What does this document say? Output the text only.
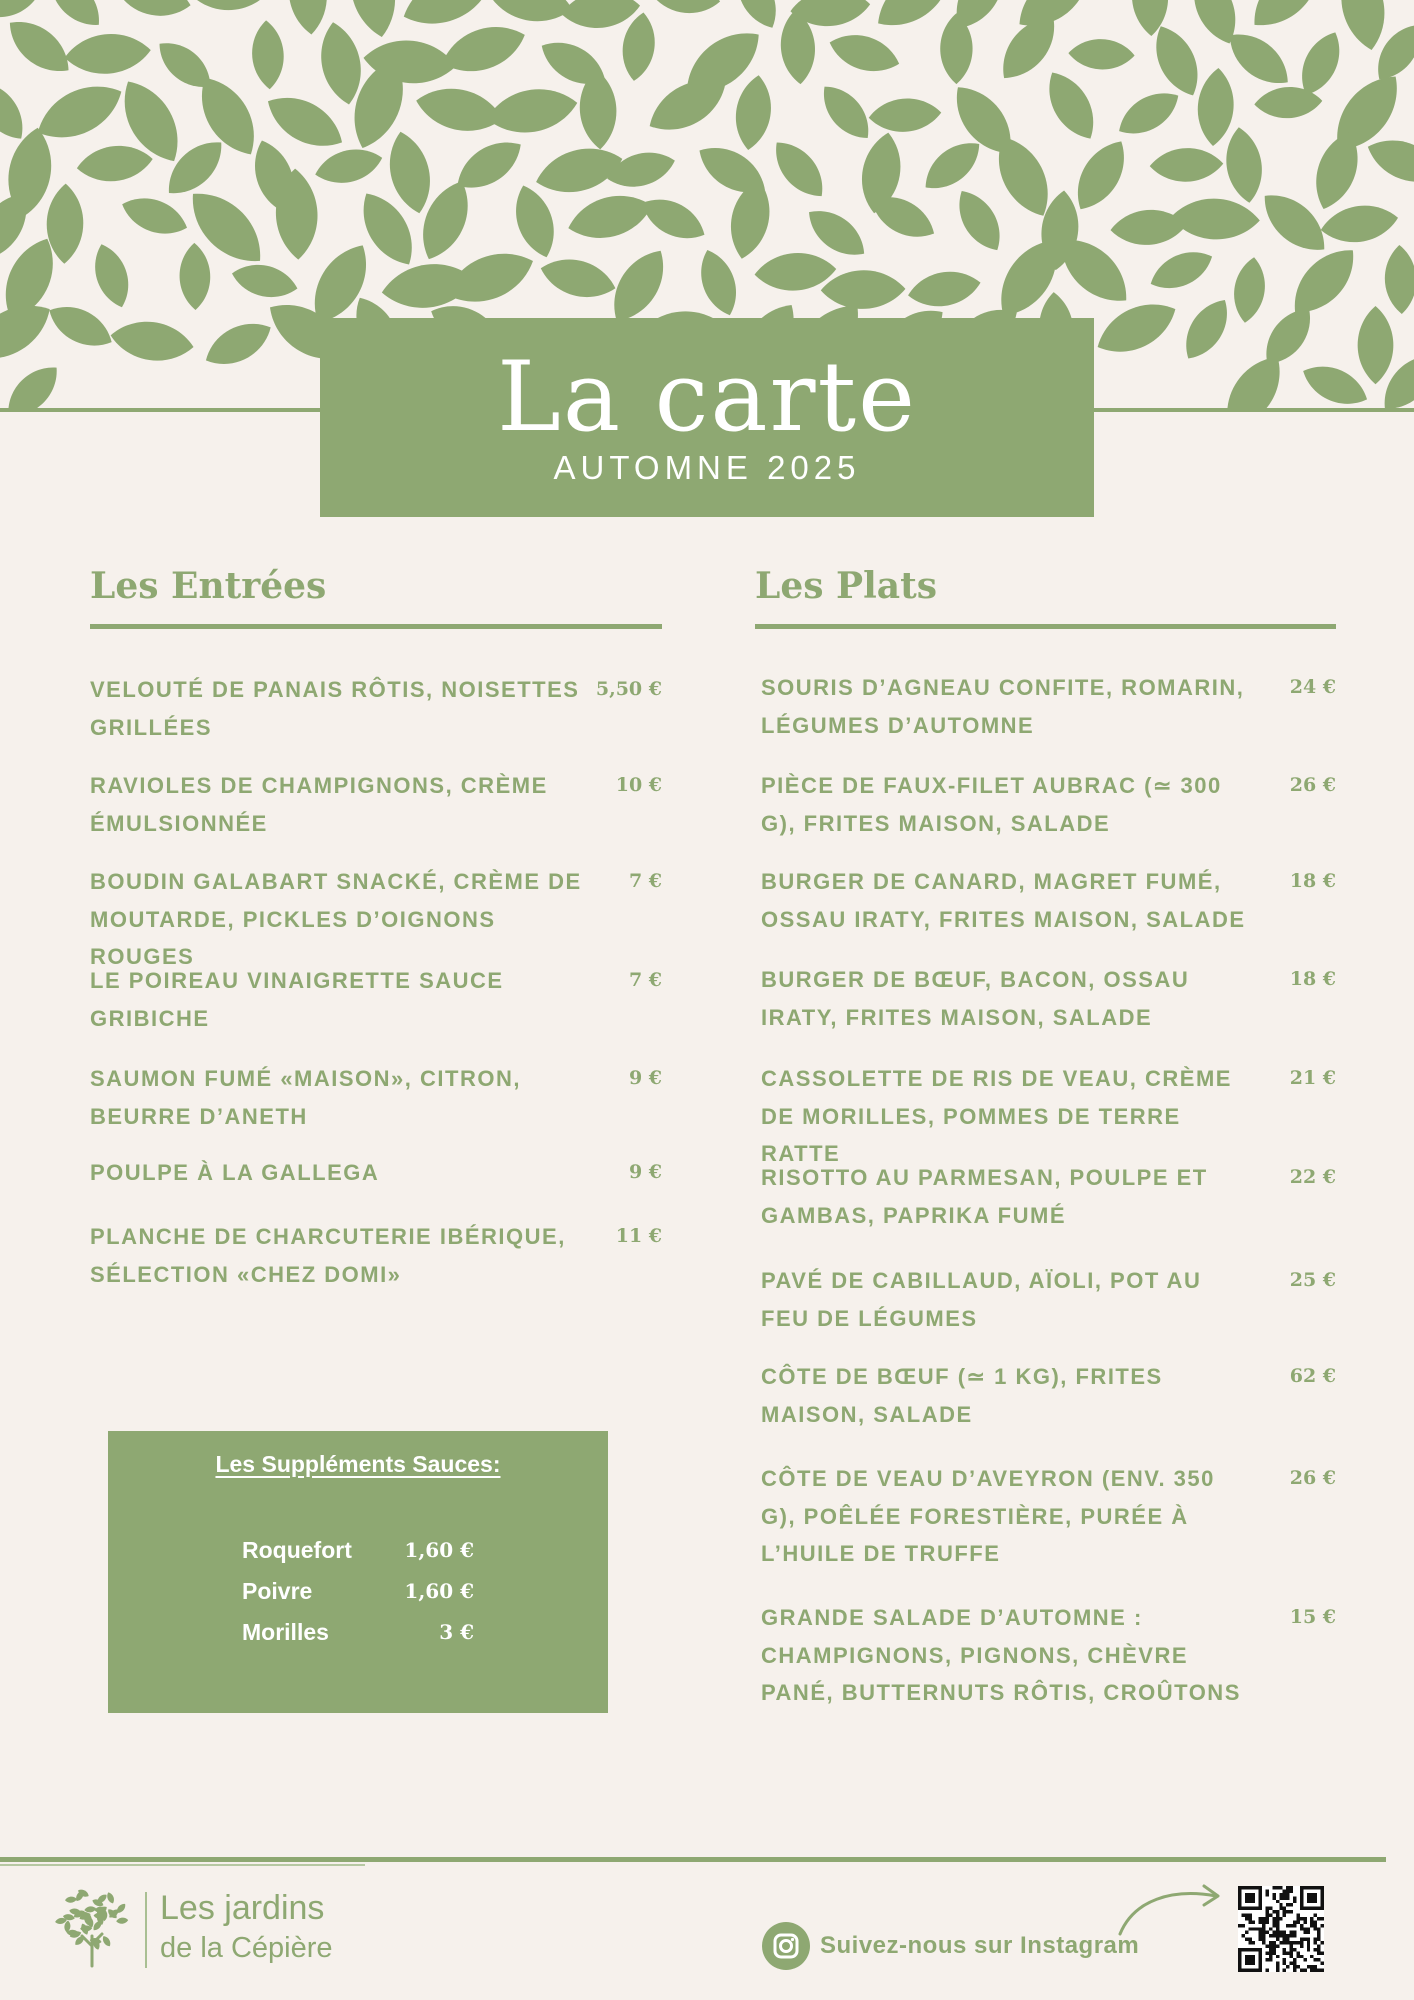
La carte
AUTOMNE 2025
Les Entrées
VELOUTÉ DE PANAIS RÔTIS, NOISETTES GRILLÉES
5,50 €
RAVIOLES DE CHAMPIGNONS, CRÈME ÉMULSIONNÉE
10 €
BOUDIN GALABART SNACKÉ, CRÈME DE MOUTARDE, PICKLES D’OIGNONS ROUGES
7 €
LE POIREAU VINAIGRETTE SAUCE GRIBICHE
7 €
SAUMON FUMÉ «MAISON», CITRON, BEURRE D’ANETH
9 €
POULPE À LA GALLEGA	9 €
PLANCHE DE CHARCUTERIE IBÉRIQUE, SÉLECTION «CHEZ DOMI»
11 €
Les Plats
SOURIS D’AGNEAU CONFITE, ROMARIN, LÉGUMES D’AUTOMNE
24 €
PIÈCE DE FAUX-FILET AUBRAC (≃ 300 G), FRITES MAISON, SALADE
26 €
BURGER DE CANARD, MAGRET FUMÉ, OSSAU IRATY, FRITES MAISON, SALADE
18 €
BURGER DE BŒUF, BACON, OSSAU IRATY, FRITES MAISON, SALADE
18 €
CASSOLETTE DE RIS DE VEAU, CRÈME DE MORILLES, POMMES DE TERRE RATTE
21 €
RISOTTO AU PARMESAN, POULPE ET GAMBAS, PAPRIKA FUMÉ
22 €
PAVÉ DE CABILLAUD, AÏOLI, POT AU FEU DE LÉGUMES
25 €
CÔTE DE BŒUF (≃ 1 KG), FRITES MAISON, SALADE
62 €
CÔTE DE VEAU D’AVEYRON (ENV. 350 G), POÊLÉE FORESTIÈRE, PURÉE À L’HUILE DE TRUFFE
26 €
GRANDE SALADE D’AUTOMNE : CHAMPIGNONS, PIGNONS, CHÈVRE PANÉ, BUTTERNUTS RÔTIS, CROÛTONS
15 €
Les Suppléments Sauces:
Roquefort	1,60 €
Poivre	1,60 €
Morilles	3 €
Les jardins
de la Cépière	Suivez-nous sur Instagram
